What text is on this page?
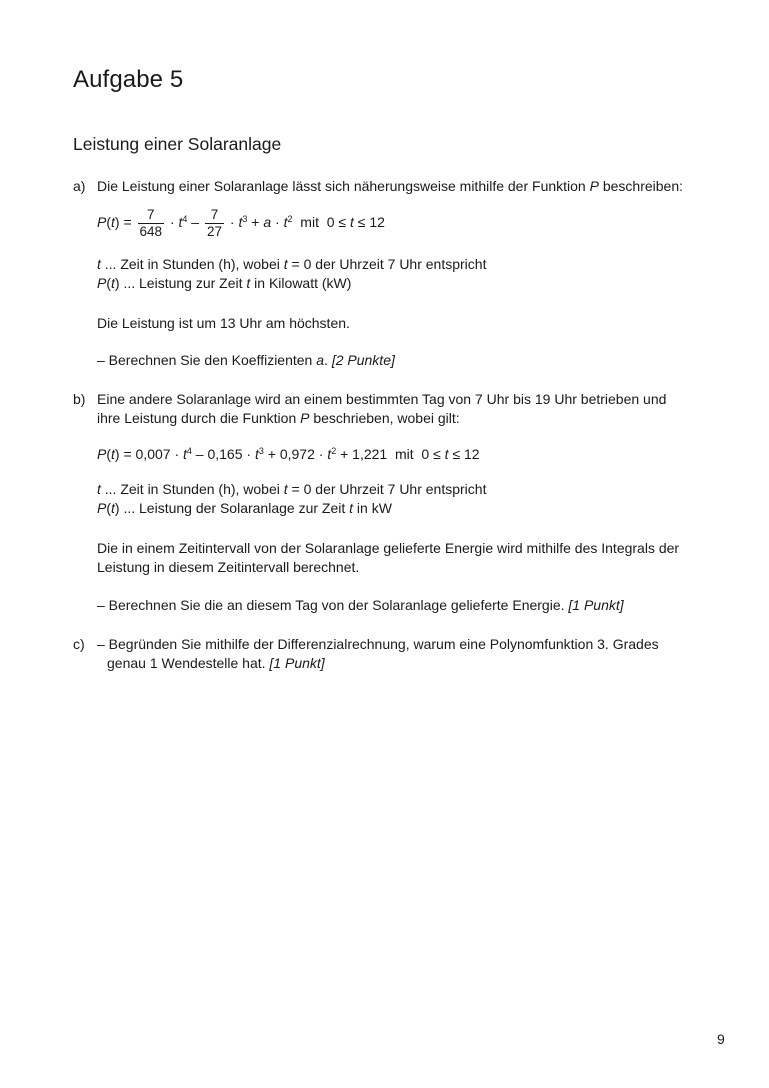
Aufgabe 5
Leistung einer Solaranlage
a) Die Leistung einer Solaranlage lässt sich näherungsweise mithilfe der Funktion P beschreiben:
$P(t) = \frac{7}{648} \cdot t^4 - \frac{7}{27} \cdot t^3 + a \cdot t^2$  mit  0 ≤ t ≤ 12
t ... Zeit in Stunden (h), wobei t = 0 der Uhrzeit 7 Uhr entspricht
P(t) ... Leistung zur Zeit t in Kilowatt (kW)
Die Leistung ist um 13 Uhr am höchsten.
– Berechnen Sie den Koeffizienten a. [2 Punkte]
b) Eine andere Solaranlage wird an einem bestimmten Tag von 7 Uhr bis 19 Uhr betrieben und
ihre Leistung durch die Funktion P beschrieben, wobei gilt:
$P(t) = 0,007 \cdot t^4 - 0,165 \cdot t^3 + 0,972 \cdot t^2 + 1,221$  mit  0 ≤ t ≤ 12
t ... Zeit in Stunden (h), wobei t = 0 der Uhrzeit 7 Uhr entspricht
P(t) ... Leistung der Solaranlage zur Zeit t in kW
Die in einem Zeitintervall von der Solaranlage gelieferte Energie wird mithilfe des Integrals der
Leistung in diesem Zeitintervall berechnet.
– Berechnen Sie die an diesem Tag von der Solaranlage gelieferte Energie. [1 Punkt]
c) – Begründen Sie mithilfe der Differenzialrechnung, warum eine Polynomfunktion 3. Grades
genau 1 Wendestelle hat. [1 Punkt]
9
